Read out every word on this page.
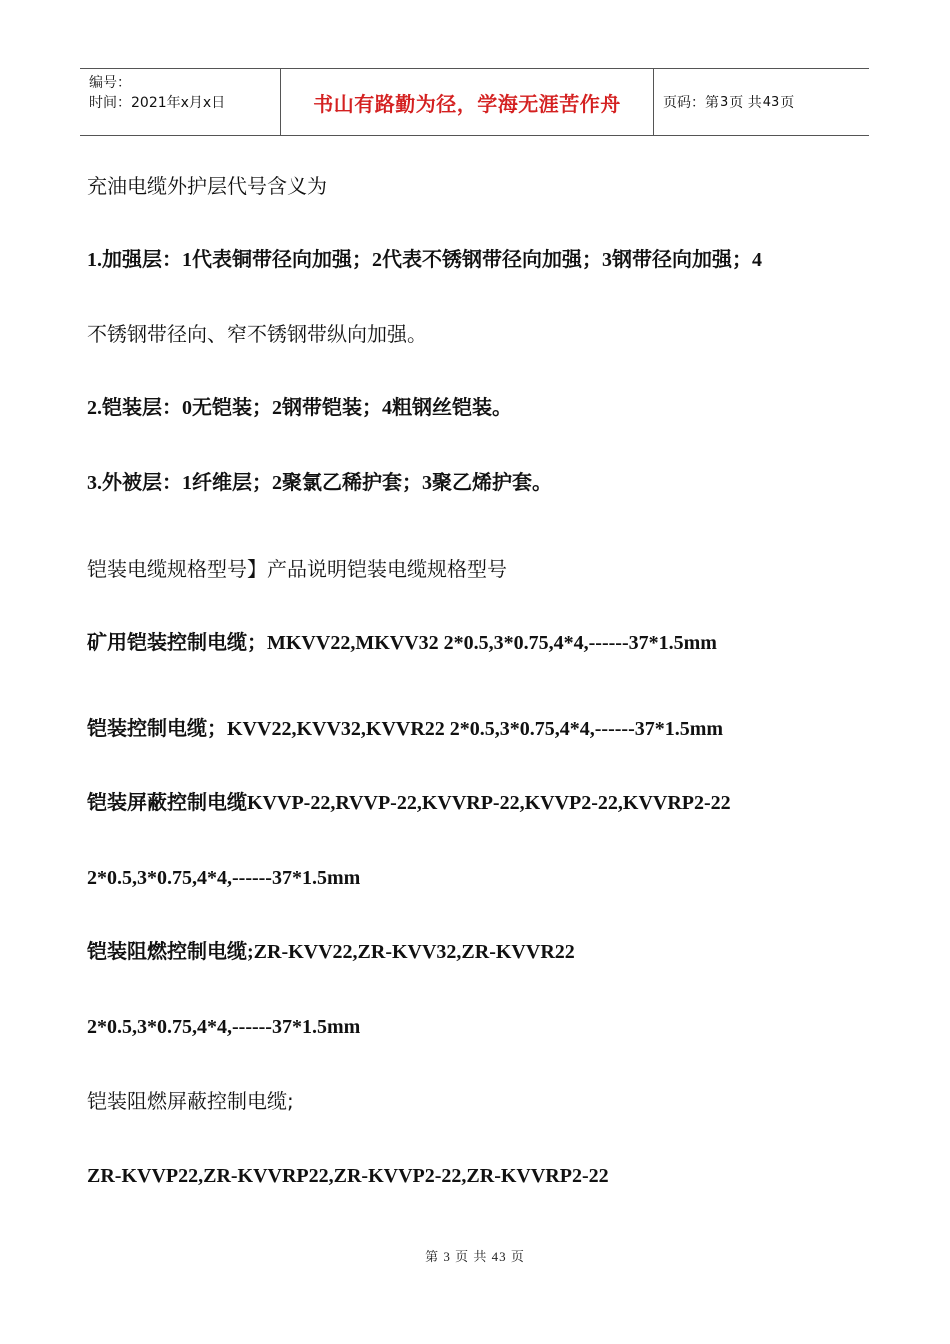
编号：
时间：2021年x月x日	书山有路勤为径，学海无涯苦作舟	页码：第 3 页 共 43 页

充油电缆外护层代号含义为

1.加强层：1代表铜带径向加强；2代表不锈钢带径向加强；3钢带径向加强；4

不锈钢带径向、窄不锈钢带纵向加强。

2.铠装层：0无铠装；2钢带铠装；4粗钢丝铠装。

3.外被层：1纤维层；2聚氯乙稀护套；3聚乙烯护套。

铠装电缆规格型号】产品说明铠装电缆规格型号

矿用铠装控制电缆；MKVV22,MKVV32 2*0.5,3*0.75,4*4,------37*1.5mm

铠装控制电缆；KVV22,KVV32,KVVR22 2*0.5,3*0.75,4*4,------37*1.5mm

铠装屏蔽控制电缆KVVP-22,RVVP-22,KVVRP-22,KVVP2-22,KVVRP2-22

2*0.5,3*0.75,4*4,------37*1.5mm

铠装阻燃控制电缆;ZR-KVV22,ZR-KVV32,ZR-KVVR22

2*0.5,3*0.75,4*4,------37*1.5mm

铠装阻燃屏蔽控制电缆;

ZR-KVVP22,ZR-KVVRP22,ZR-KVVP2-22,ZR-KVVRP2-22

第 3 页 共 43 页
